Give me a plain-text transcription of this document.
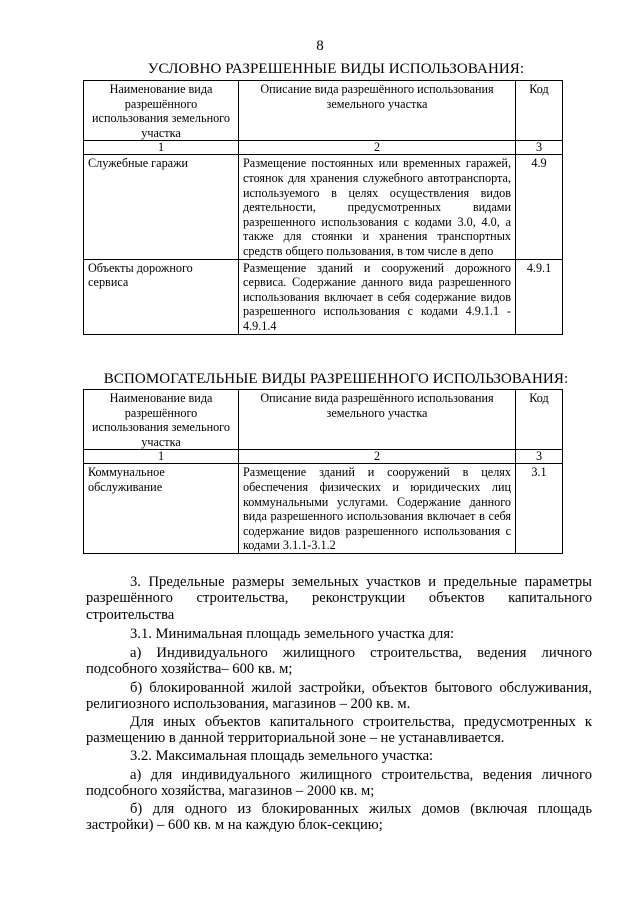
8
УСЛОВНО РАЗРЕШЕННЫЕ ВИДЫ ИСПОЛЬЗОВАНИЯ:
Наименование вида разрешённого использования земельного участка	Описание вида разрешённого использования земельного участка	Код
1	2	3
Служебные гаражи	Размещение постоянных или временных гаражей, стоянок для хранения служебного автотранспорта, используемого в целях осуществления видов деятельности, предусмотренных видами разрешенного использования с кодами 3.0, 4.0, а также для стоянки и хранения транспортных средств общего пользования, в том числе в депо	4.9
Объекты дорожного сервиса	Размещение зданий и сооружений дорожного сервиса. Содержание данного вида разрешенного использования включает в себя содержание видов разрешенного использования с кодами 4.9.1.1 - 4.9.1.4	4.9.1
ВСПОМОГАТЕЛЬНЫЕ ВИДЫ РАЗРЕШЕННОГО ИСПОЛЬЗОВАНИЯ:
Наименование вида разрешённого использования земельного участка	Описание вида разрешённого использования земельного участка	Код
1	2	3
Коммунальное обслуживание	Размещение зданий и сооружений в целях обеспечения физических и юридических лиц коммунальными услугами. Содержание данного вида разрешенного использования включает в себя содержание видов разрешенного использования с кодами 3.1.1-3.1.2	3.1

3. Предельные размеры земельных участков и предельные параметры разрешённого строительства, реконструкции объектов капитального строительства

3.1. Минимальная площадь земельного участка для:

а) Индивидуального жилищного строительства, ведения личного подсобного хозяйства– 600 кв. м;

б) блокированной жилой застройки, объектов бытового обслуживания, религиозного использования, магазинов – 200 кв. м.

Для иных объектов капитального строительства, предусмотренных к размещению в данной территориальной зоне – не устанавливается.

3.2. Максимальная площадь земельного участка:

а) для индивидуального жилищного строительства, ведения личного подсобного хозяйства, магазинов – 2000 кв. м;

б) для одного из блокированных жилых домов (включая площадь застройки) – 600 кв. м на каждую блок-секцию;
